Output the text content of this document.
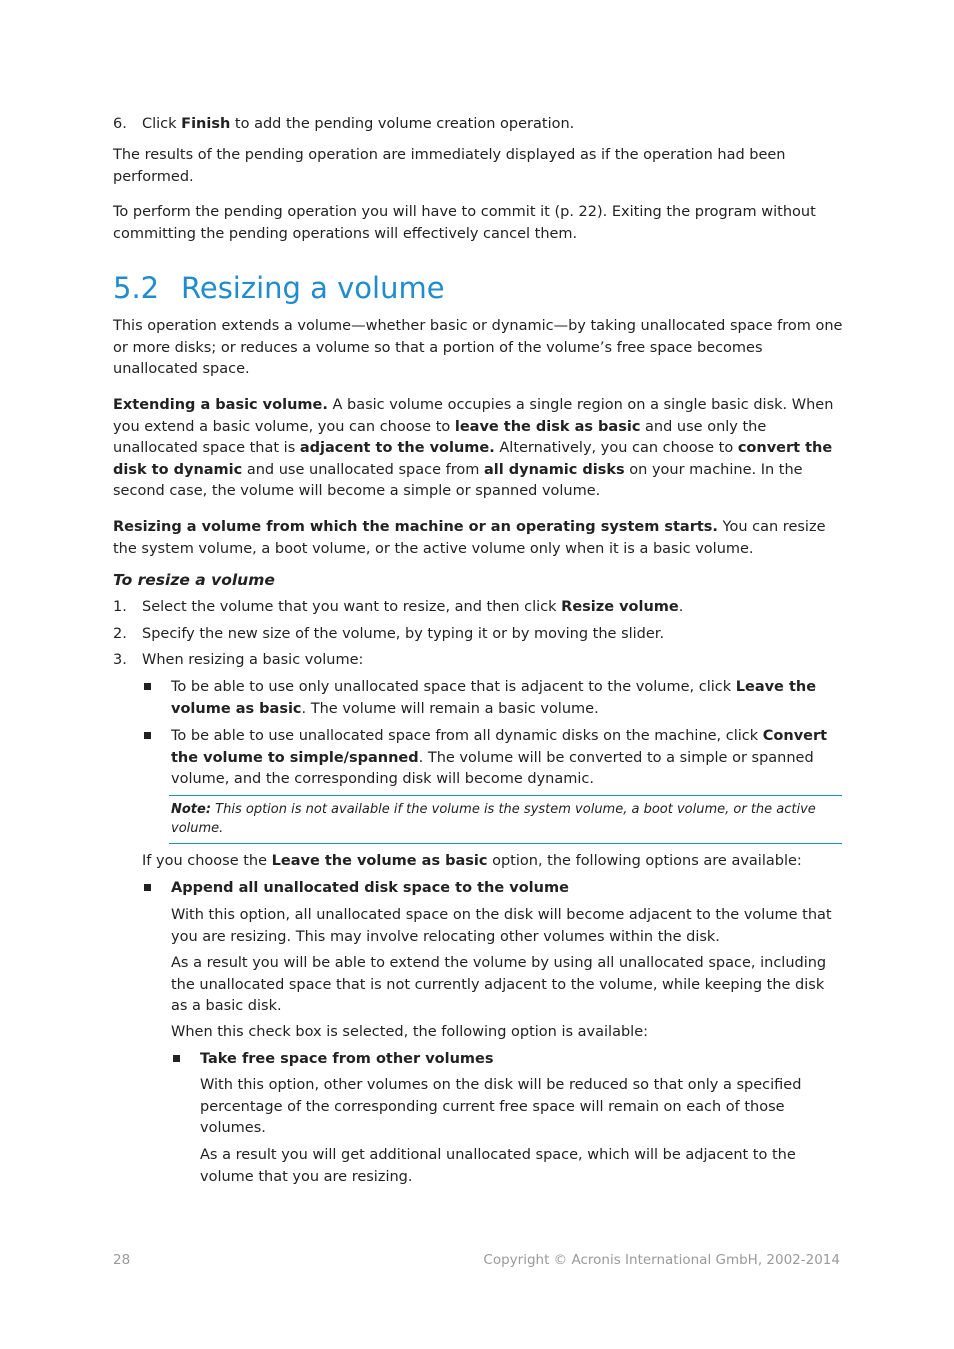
6. Click Finish to add the pending volume creation operation.

The results of the pending operation are immediately displayed as if the operation had been performed.

To perform the pending operation you will have to commit it (p. 22). Exiting the program without committing the pending operations will effectively cancel them.

5.2 Resizing a volume

This operation extends a volume—whether basic or dynamic—by taking unallocated space from one or more disks; or reduces a volume so that a portion of the volume’s free space becomes unallocated space.

Extending a basic volume. A basic volume occupies a single region on a single basic disk. When you extend a basic volume, you can choose to leave the disk as basic and use only the unallocated space that is adjacent to the volume. Alternatively, you can choose to convert the disk to dynamic and use unallocated space from all dynamic disks on your machine. In the second case, the volume will become a simple or spanned volume.

Resizing a volume from which the machine or an operating system starts. You can resize the system volume, a boot volume, or the active volume only when it is a basic volume.

To resize a volume

1. Select the volume that you want to resize, and then click Resize volume.

2. Specify the new size of the volume, by typing it or by moving the slider.

3. When resizing a basic volume:

To be able to use only unallocated space that is adjacent to the volume, click Leave the volume as basic. The volume will remain a basic volume.

To be able to use unallocated space from all dynamic disks on the machine, click Convert the volume to simple/spanned. The volume will be converted to a simple or spanned volume, and the corresponding disk will become dynamic.

Note: This option is not available if the volume is the system volume, a boot volume, or the active volume.

If you choose the Leave the volume as basic option, the following options are available:

Append all unallocated disk space to the volume

With this option, all unallocated space on the disk will become adjacent to the volume that you are resizing. This may involve relocating other volumes within the disk.

As a result you will be able to extend the volume by using all unallocated space, including the unallocated space that is not currently adjacent to the volume, while keeping the disk as a basic disk.

When this check box is selected, the following option is available:

Take free space from other volumes

With this option, other volumes on the disk will be reduced so that only a specified percentage of the corresponding current free space will remain on each of those volumes.

As a result you will get additional unallocated space, which will be adjacent to the volume that you are resizing.

28	Copyright © Acronis International GmbH, 2002-2014
